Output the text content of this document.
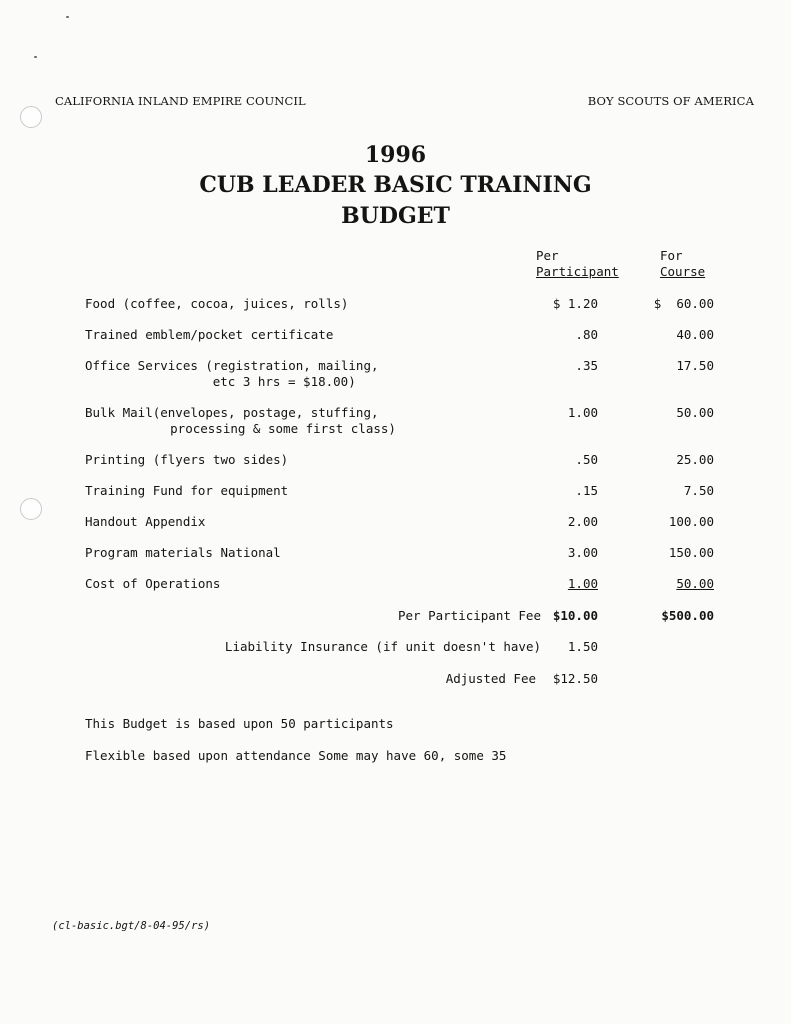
CALIFORNIA INLAND EMPIRE COUNCIL	BOY SCOUTS OF AMERICA
1996
CUB LEADER BASIC TRAINING
BUDGET
Per
Participant
For
Course
Food (coffee, cocoa, juices, rolls)	$ 1.20	$  60.00
Trained emblem/pocket certificate	.80	40.00
Office Services (registration, mailing,
etc 3 hrs = $18.00)
.35	17.50
Bulk Mail(envelopes, postage, stuffing,
processing & some first class)
1.00	50.00
Printing (flyers two sides)	.50	25.00
Training Fund for equipment	.15	7.50
Handout Appendix	2.00	100.00
Program materials National	3.00	150.00
Cost of Operations	1.00	50.00
Per Participant Fee $10.00	$500.00
Liability Insurance (if unit doesn't have) 1.50
Adjusted Fee $12.50
This Budget is based upon 50 participants
Flexible based upon attendance Some may have 60, some 35
(cl-basic.bgt/8-04-95/rs)
